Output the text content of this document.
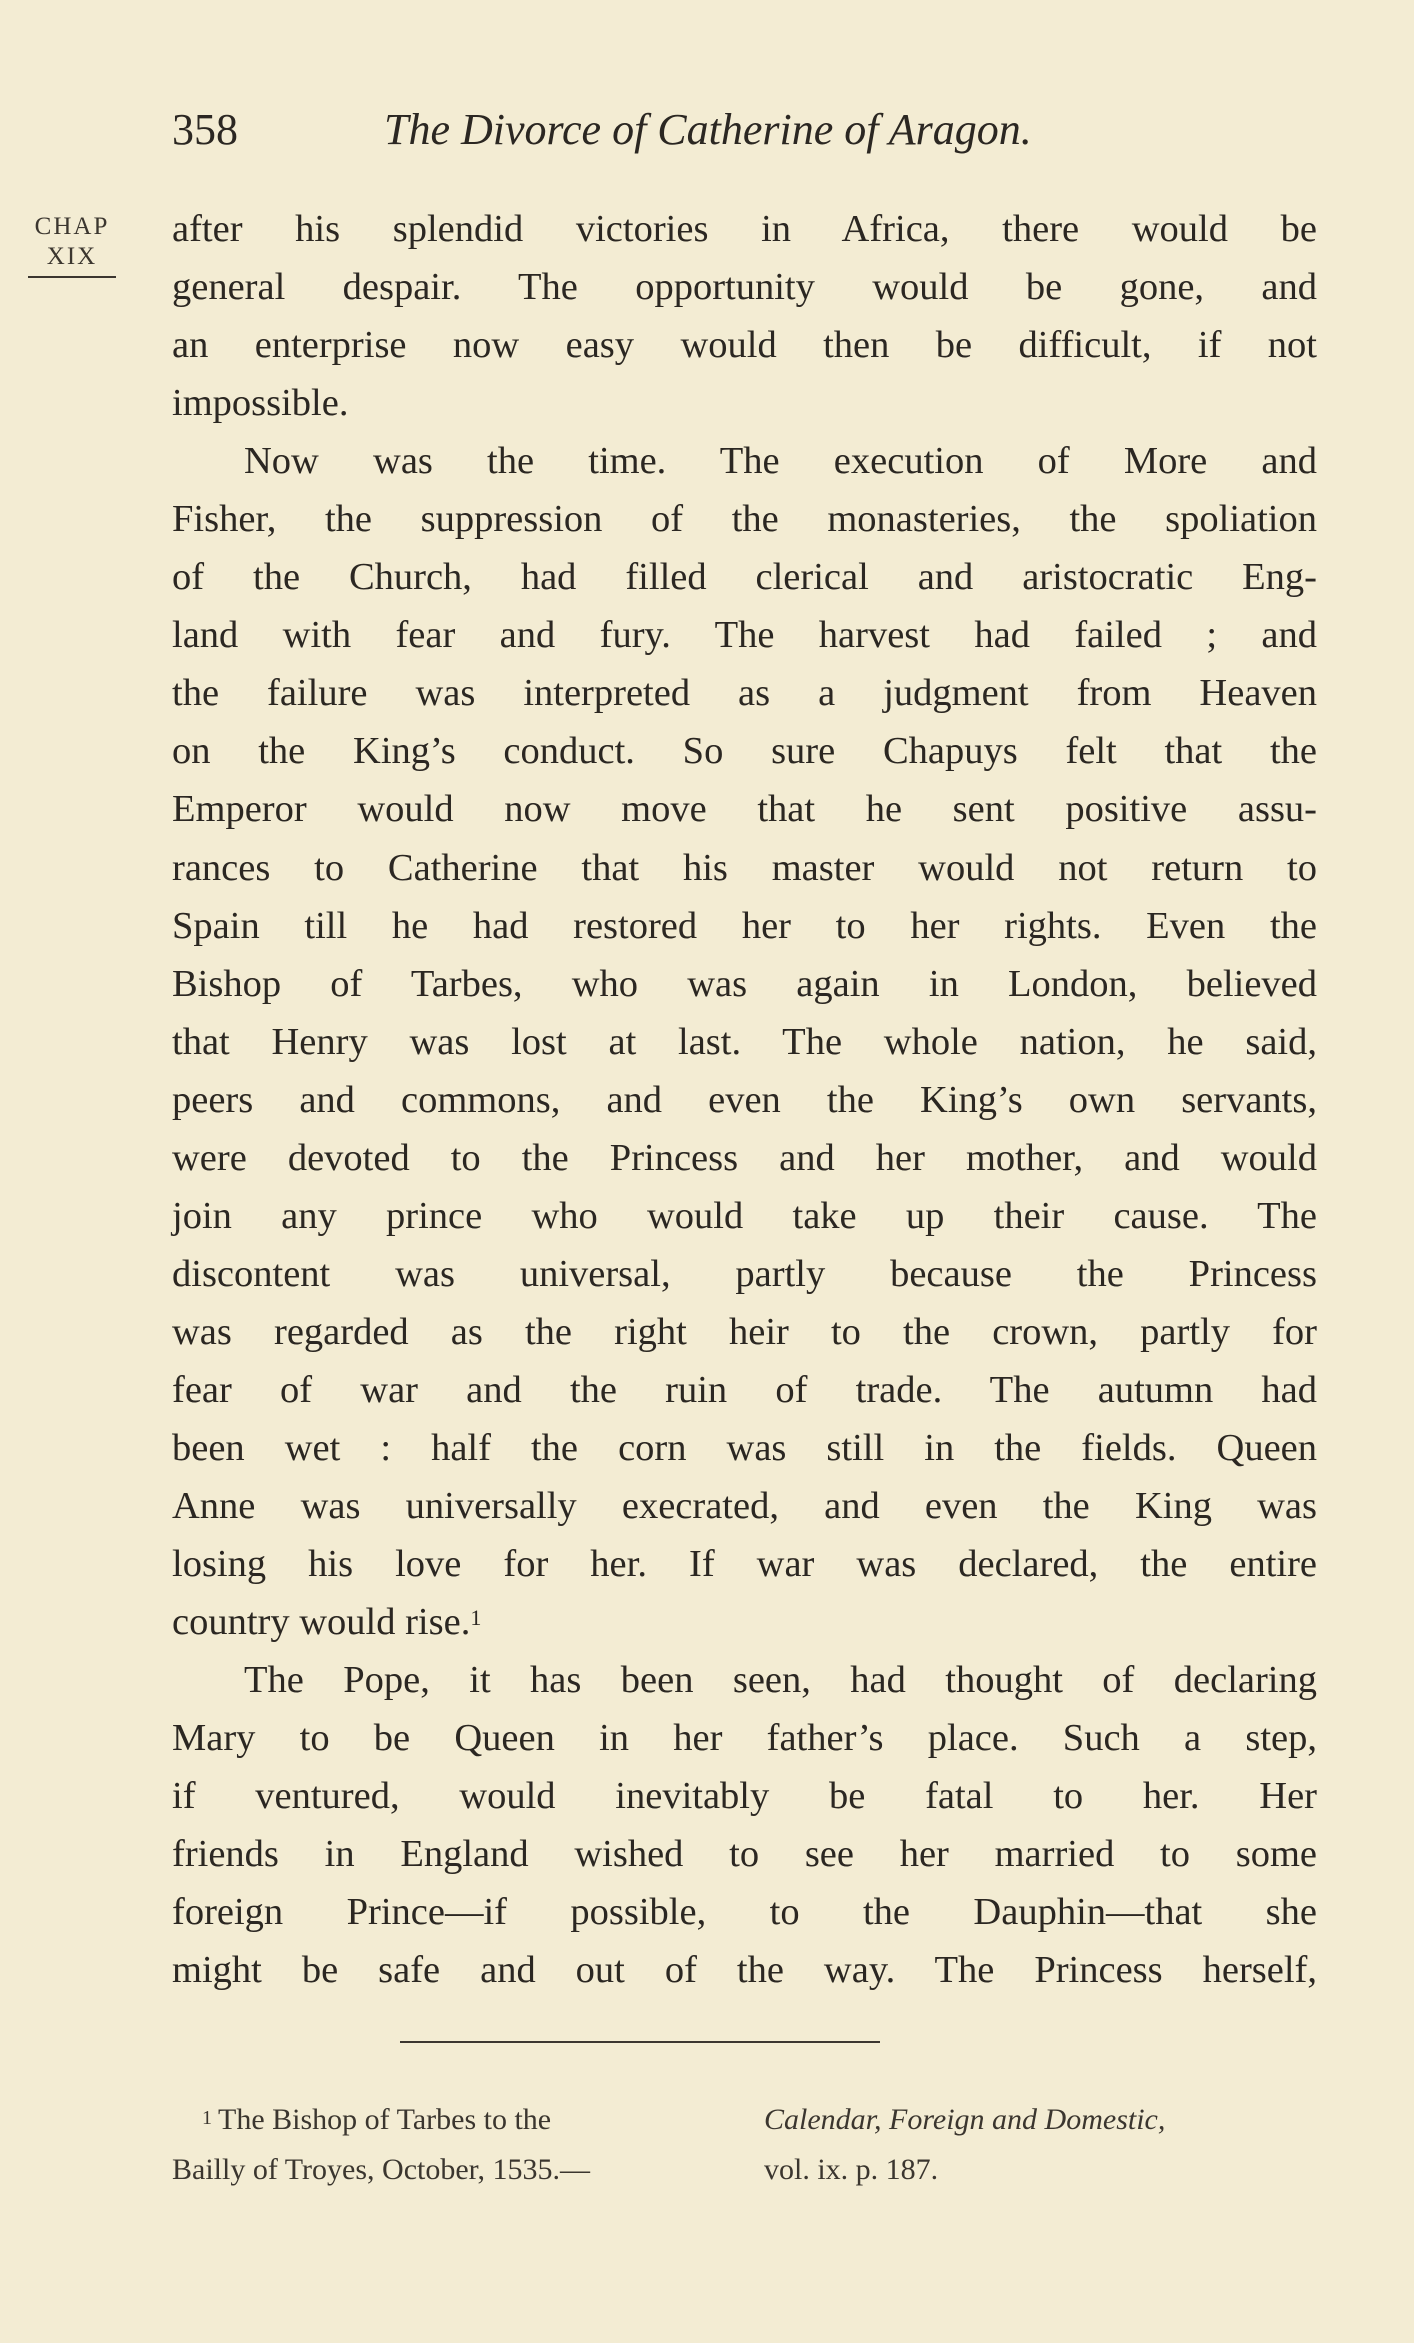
358	The Divorce of Catherine of Aragon.
CHAP
XIX
after his splendid victories in Africa, there would be
general despair. The opportunity would be gone, and
an enterprise now easy would then be difficult, if not
impossible.
Now was the time. The execution of More and
Fisher, the suppression of the monasteries, the spoliation
of the Church, had filled clerical and aristocratic Eng-
land with fear and fury. The harvest had failed ; and
the failure was interpreted as a judgment from Heaven
on the King’s conduct. So sure Chapuys felt that the
Emperor would now move that he sent positive assu-
rances to Catherine that his master would not return to
Spain till he had restored her to her rights. Even the
Bishop of Tarbes, who was again in London, believed
that Henry was lost at last. The whole nation, he said,
peers and commons, and even the King’s own servants,
were devoted to the Princess and her mother, and would
join any prince who would take up their cause. The
discontent was universal, partly because the Princess
was regarded as the right heir to the crown, partly for
fear of war and the ruin of trade. The autumn had
been wet : half the corn was still in the fields. Queen
Anne was universally execrated, and even the King was
losing his love for her. If war was declared, the entire
country would rise.$^1$
The Pope, it has been seen, had thought of declaring
Mary to be Queen in her father’s place. Such a step,
if ventured, would inevitably be fatal to her. Her
friends in England wished to see her married to some
foreign Prince—if possible, to the Dauphin—that she
might be safe and out of the way. The Princess herself,
$^1$ The Bishop of Tarbes to the
Bailly of Troyes, October, 1535.—
Calendar, Foreign and Domestic,
vol. ix. p. 187.
